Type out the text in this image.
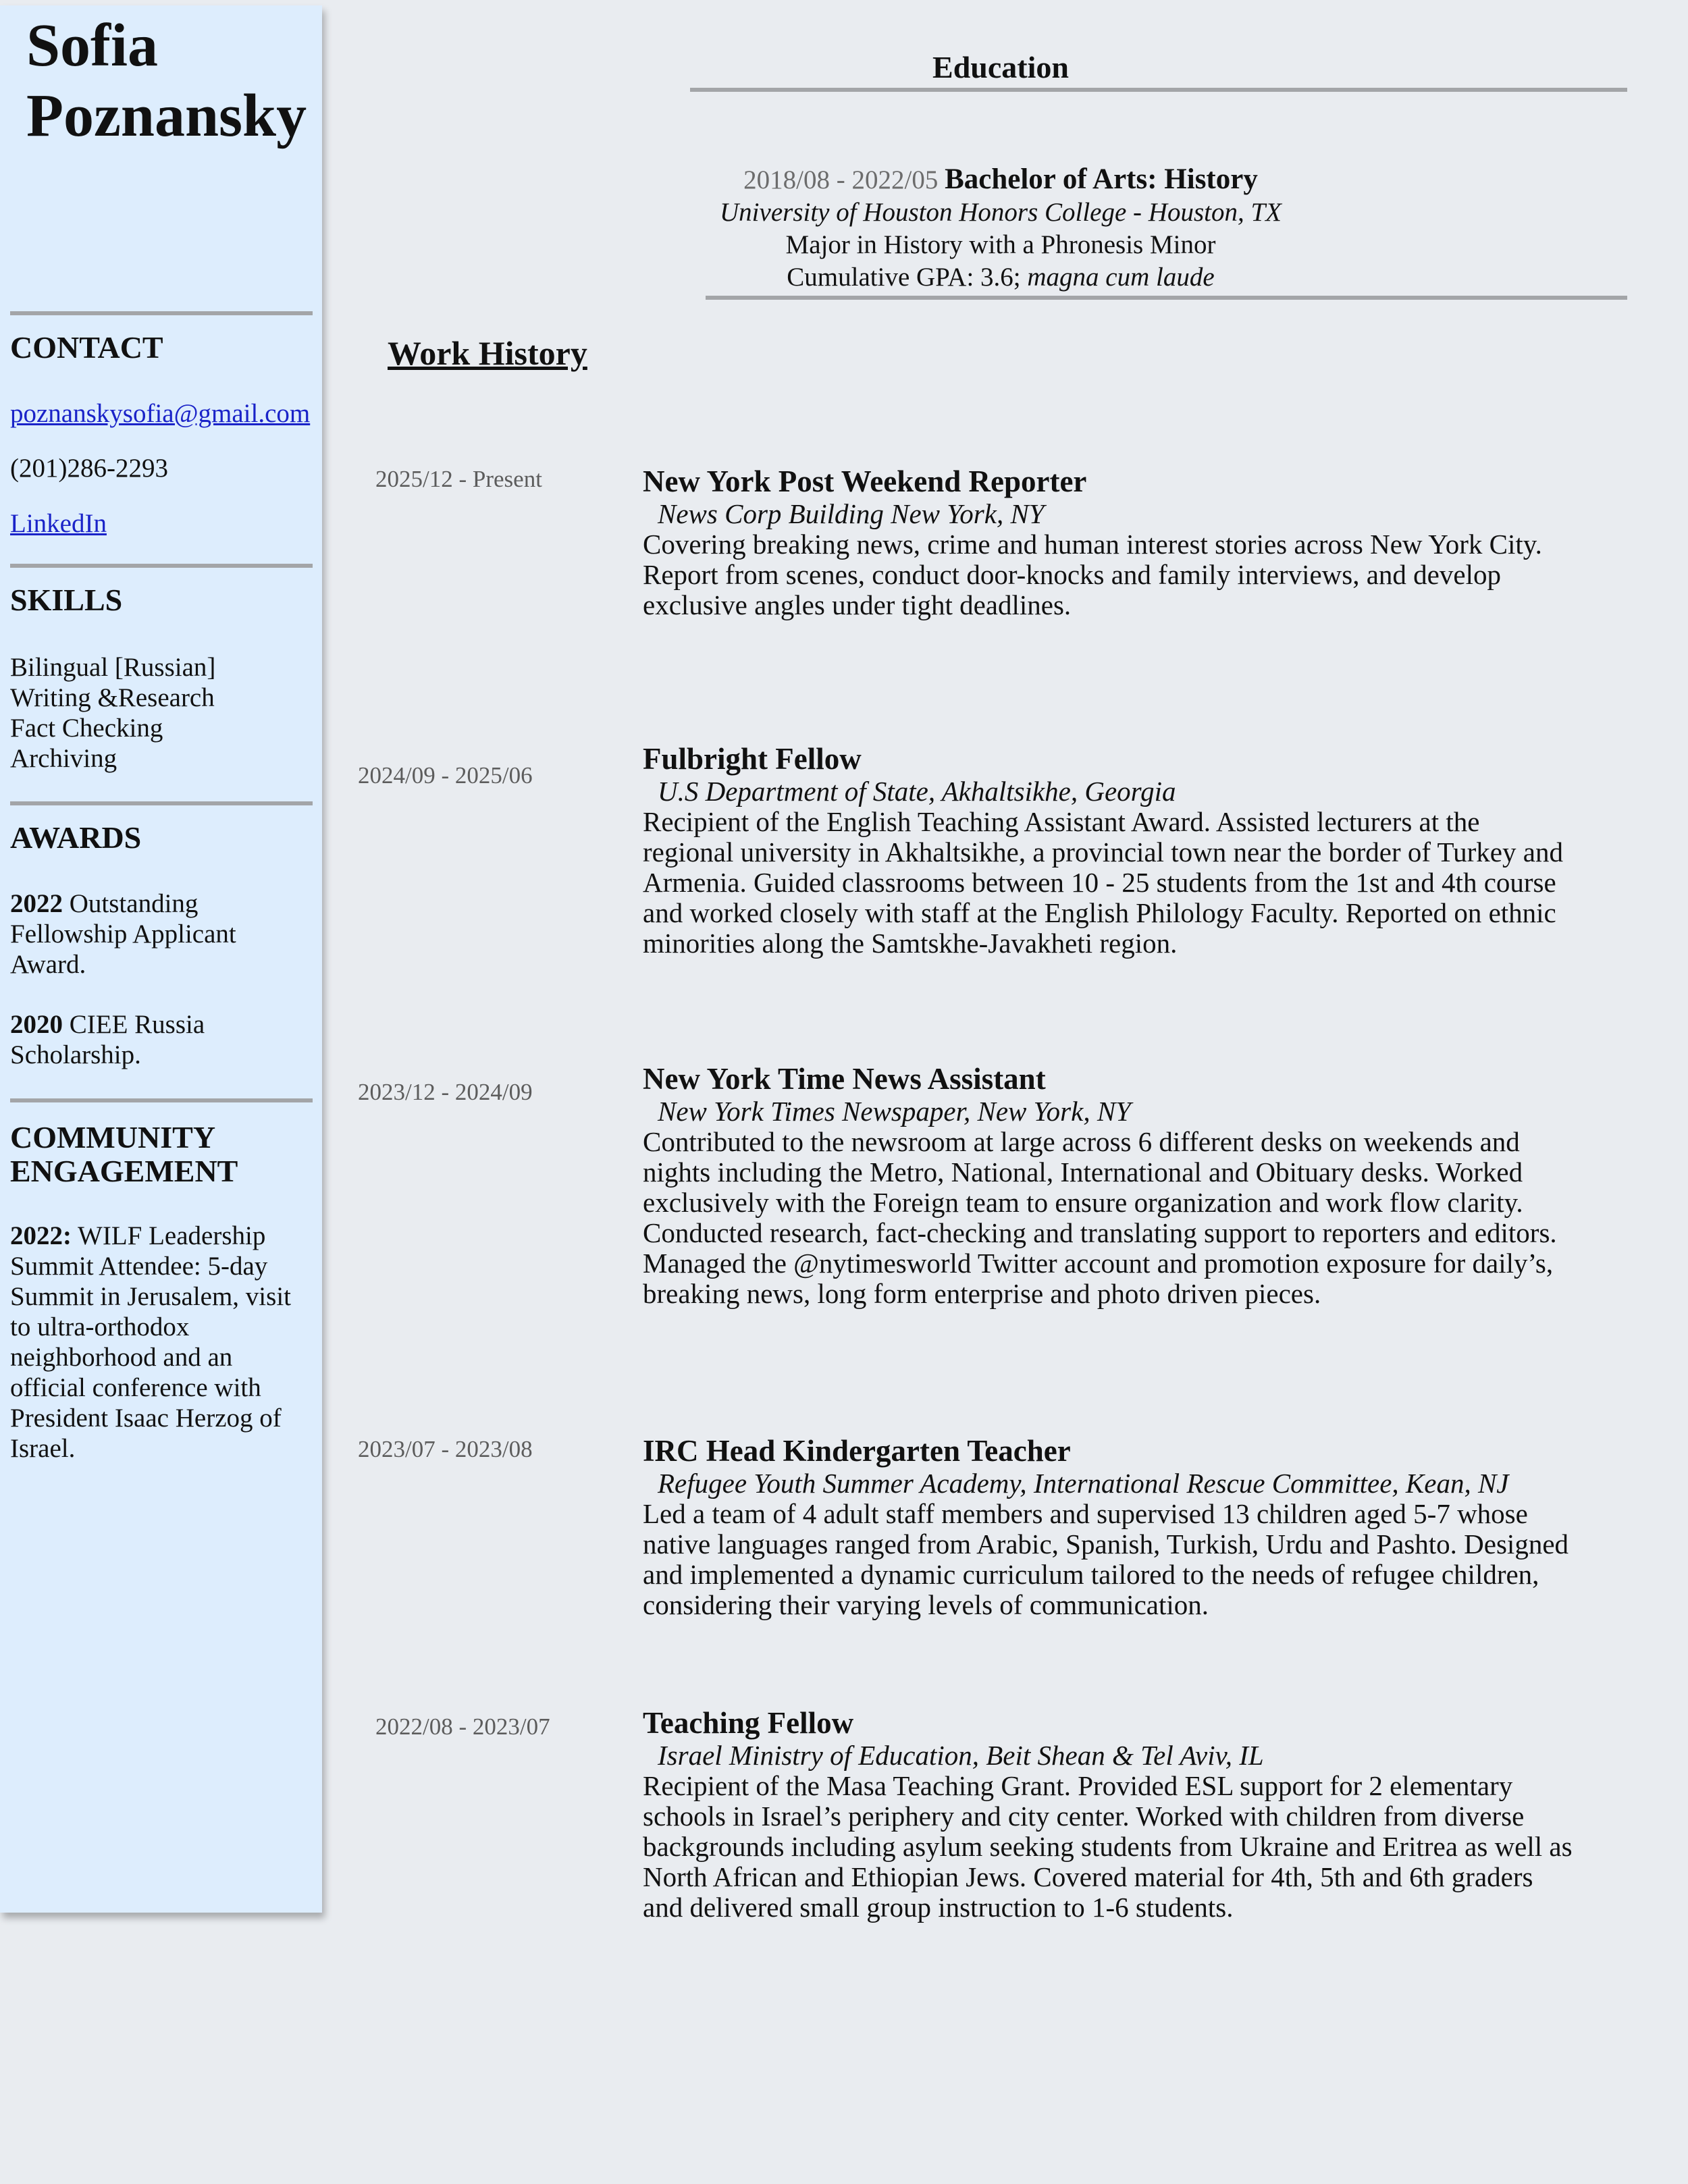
Sofia
Poznansky
CONTACT
poznanskysofia@gmail.com
(201)286-2293
LinkedIn
SKILLS
Bilingual [Russian]
Writing &Research
Fact Checking
Archiving
AWARDS
2022 Outstanding Fellowship Applicant Award.
2020 CIEE Russia Scholarship.
COMMUNITY ENGAGEMENT
2022: WILF Leadership Summit Attendee: 5-day Summit in Jerusalem, visit to ultra-orthodox neighborhood and an official conference with President Isaac Herzog of Israel.
Education
2018/08 - 2022/05 Bachelor of Arts: History
University of Houston Honors College - Houston, TX
Major in History with a Phronesis Minor
Cumulative GPA: 3.6; magna cum laude
Work History
2025/12 - Present	New York Post Weekend Reporter
News Corp Building New York, NY
Covering breaking news, crime and human interest stories across New York City. Report from scenes, conduct door-knocks and family interviews, and develop exclusive angles under tight deadlines.
2024/09 - 2025/06	Fulbright Fellow
U.S Department of State, Akhaltsikhe, Georgia
Recipient of the English Teaching Assistant Award. Assisted lecturers at the regional university in Akhaltsikhe, a provincial town near the border of Turkey and Armenia. Guided classrooms between 10 - 25 students from the 1st and 4th course and worked closely with staff at the English Philology Faculty. Reported on ethnic minorities along the Samtskhe-Javakheti region.
2023/12 - 2024/09	New York Time News Assistant
New York Times Newspaper, New York, NY
Contributed to the newsroom at large across 6 different desks on weekends and nights including the Metro, National, International and Obituary desks. Worked exclusively with the Foreign team to ensure organization and work flow clarity. Conducted research, fact-checking and translating support to reporters and editors. Managed the @nytimesworld Twitter account and promotion exposure for daily’s, breaking news, long form enterprise and photo driven pieces.
2023/07 - 2023/08	IRC Head Kindergarten Teacher
Refugee Youth Summer Academy, International Rescue Committee, Kean, NJ
Led a team of 4 adult staff members and supervised 13 children aged 5-7 whose native languages ranged from Arabic, Spanish, Turkish, Urdu and Pashto. Designed and implemented a dynamic curriculum tailored to the needs of refugee children, considering their varying levels of communication.
2022/08 - 2023/07	Teaching Fellow
Israel Ministry of Education, Beit Shean & Tel Aviv, IL
Recipient of the Masa Teaching Grant. Provided ESL support for 2 elementary schools in Israel’s periphery and city center. Worked with children from diverse backgrounds including asylum seeking students from Ukraine and Eritrea as well as North African and Ethiopian Jews. Covered material for 4th, 5th and 6th graders and delivered small group instruction to 1-6 students.
